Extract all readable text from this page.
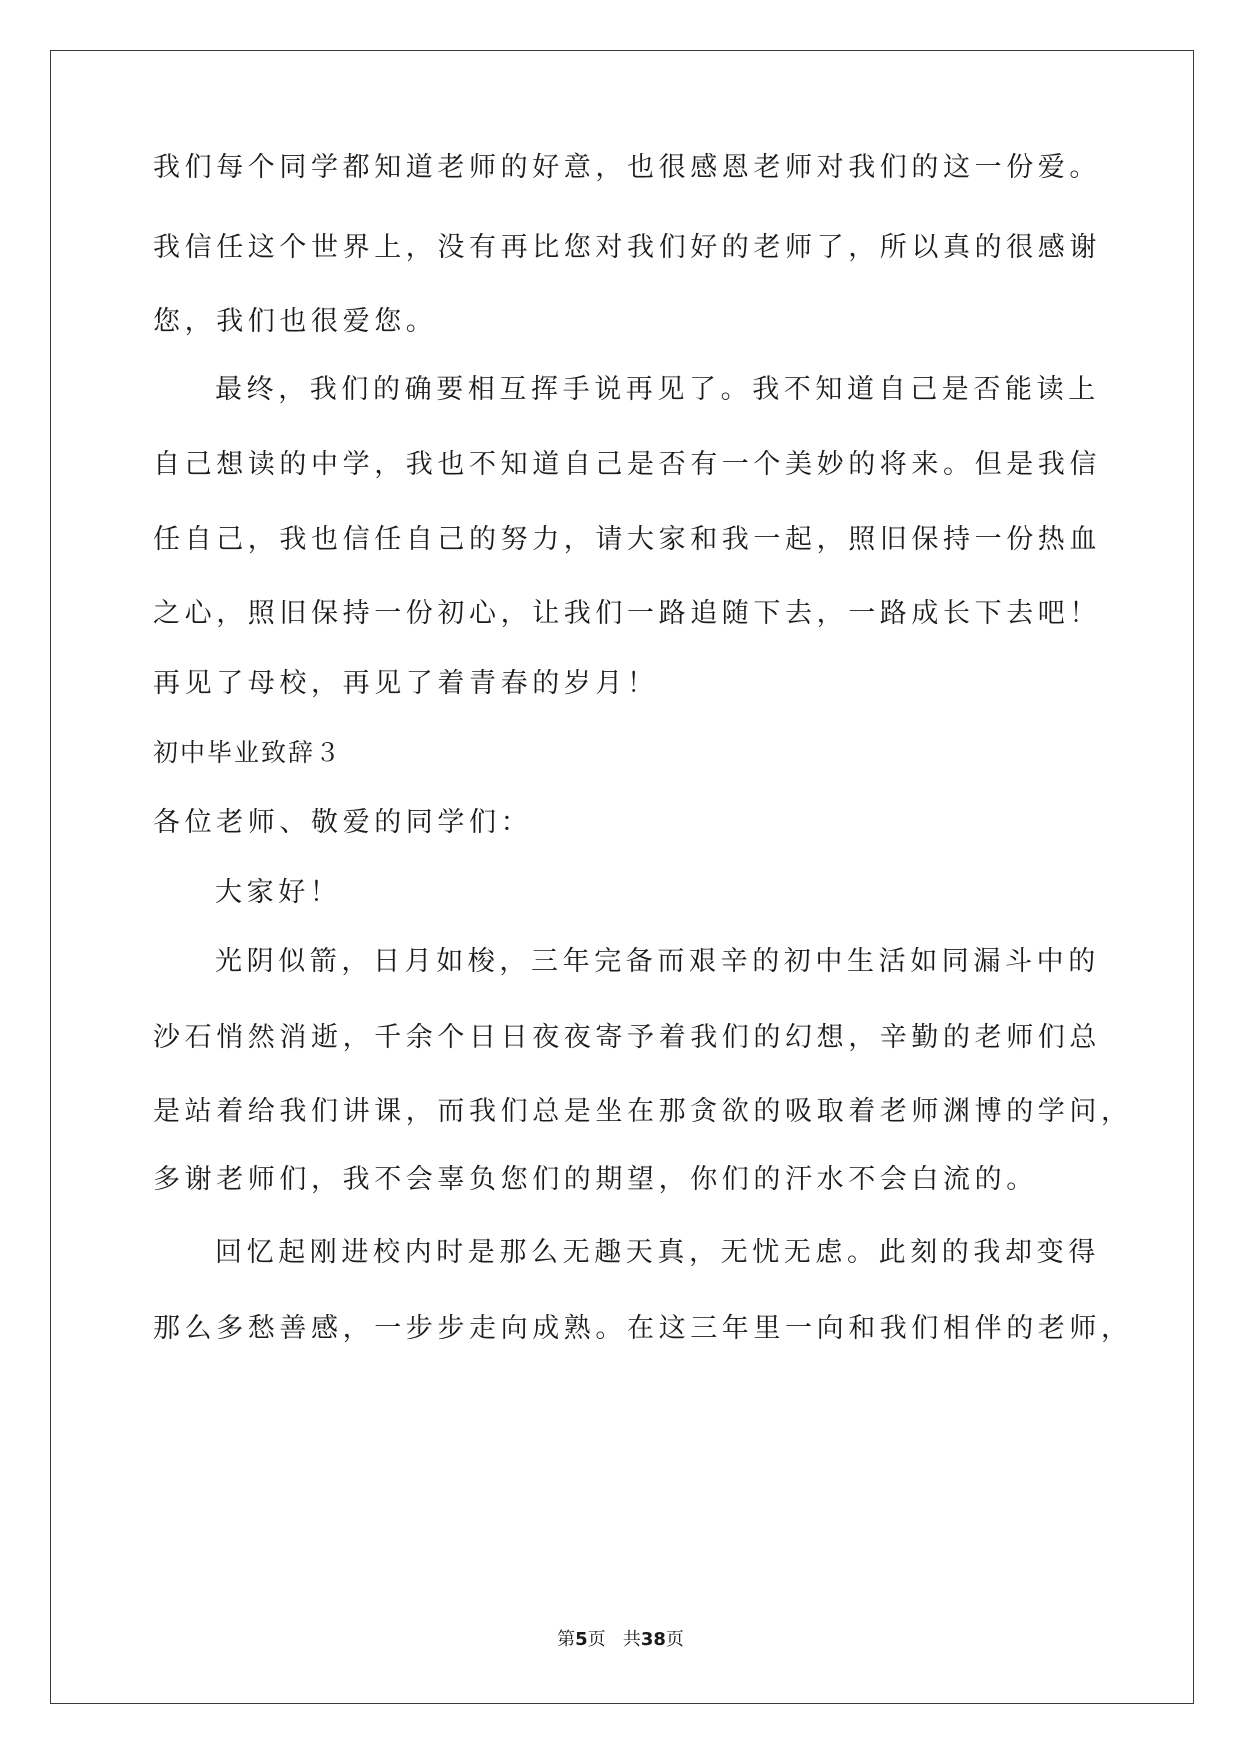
我们每个同学都知道老师的好意，也很感恩老师对我们的这一份爱。
我信任这个世界上，没有再比您对我们好的老师了，所以真的很感谢
您，我们也很爱您。
最终，我们的确要相互挥手说再见了。我不知道自己是否能读上
自己想读的中学，我也不知道自己是否有一个美妙的将来。但是我信
任自己，我也信任自己的努力，请大家和我一起，照旧保持一份热血
之心，照旧保持一份初心，让我们一路追随下去，一路成长下去吧！
再见了母校，再见了着青春的岁月！
初中毕业致辞３
各位老师、敬爱的同学们：
大家好！
光阴似箭，日月如梭，三年完备而艰辛的初中生活如同漏斗中的
沙石悄然消逝，千余个日日夜夜寄予着我们的幻想，辛勤的老师们总
是站着给我们讲课，而我们总是坐在那贪欲的吸取着老师渊博的学问，
多谢老师们，我不会辜负您们的期望，你们的汗水不会白流的。
回忆起刚进校内时是那么无趣天真，无忧无虑。此刻的我却变得
那么多愁善感，一步步走向成熟。在这三年里一向和我们相伴的老师，
第5页 共38页
